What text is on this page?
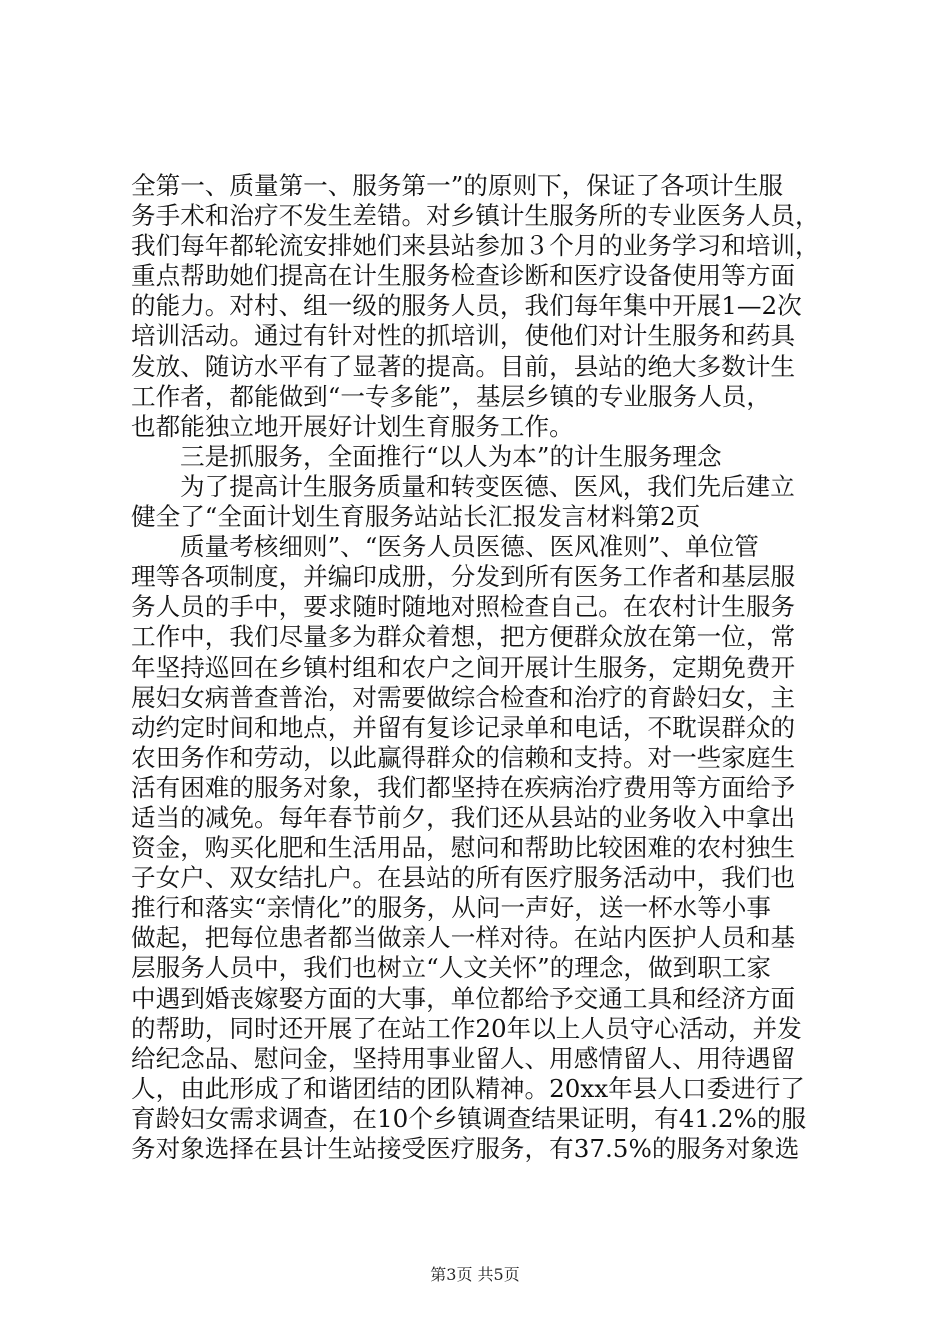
全第一、质量第一、服务第一”的原则下，保证了各项计生服
务手术和治疗不发生差错。对乡镇计生服务所的专业医务人员，
我们每年都轮流安排她们来县站参加３个月的业务学习和培训，
重点帮助她们提高在计生服务检查诊断和医疗设备使用等方面
的能力。对村、组一级的服务人员，我们每年集中开展1—2次
培训活动。通过有针对性的抓培训，使他们对计生服务和药具
发放、随访水平有了显著的提高。目前，县站的绝大多数计生
工作者，都能做到“一专多能”，基层乡镇的专业服务人员，
也都能独立地开展好计划生育服务工作。
三是抓服务，全面推行“以人为本”的计生服务理念
为了提高计生服务质量和转变医德、医风，我们先后建立
健全了“全面计划生育服务站站长汇报发言材料第2页
质量考核细则”、“医务人员医德、医风准则”、单位管
理等各项制度，并编印成册，分发到所有医务工作者和基层服
务人员的手中，要求随时随地对照检查自己。在农村计生服务
工作中，我们尽量多为群众着想，把方便群众放在第一位，常
年坚持巡回在乡镇村组和农户之间开展计生服务，定期免费开
展妇女病普查普治，对需要做综合检查和治疗的育龄妇女，主
动约定时间和地点，并留有复诊记录单和电话，不耽误群众的
农田务作和劳动，以此赢得群众的信赖和支持。对一些家庭生
活有困难的服务对象，我们都坚持在疾病治疗费用等方面给予
适当的减免。每年春节前夕，我们还从县站的业务收入中拿出
资金，购买化肥和生活用品，慰问和帮助比较困难的农村独生
子女户、双女结扎户。在县站的所有医疗服务活动中，我们也
推行和落实“亲情化”的服务，从问一声好，送一杯水等小事
做起，把每位患者都当做亲人一样对待。在站内医护人员和基
层服务人员中，我们也树立“人文关怀”的理念，做到职工家
中遇到婚丧嫁娶方面的大事，单位都给予交通工具和经济方面
的帮助，同时还开展了在站工作20年以上人员守心活动，并发
给纪念品、慰问金，坚持用事业留人、用感情留人、用待遇留
人，由此形成了和谐团结的团队精神。20xx年县人口委进行了
育龄妇女需求调查，在10个乡镇调查结果证明，有41.2%的服
务对象选择在县计生站接受医疗服务，有37.5%的服务对象选
第3页 共5页
